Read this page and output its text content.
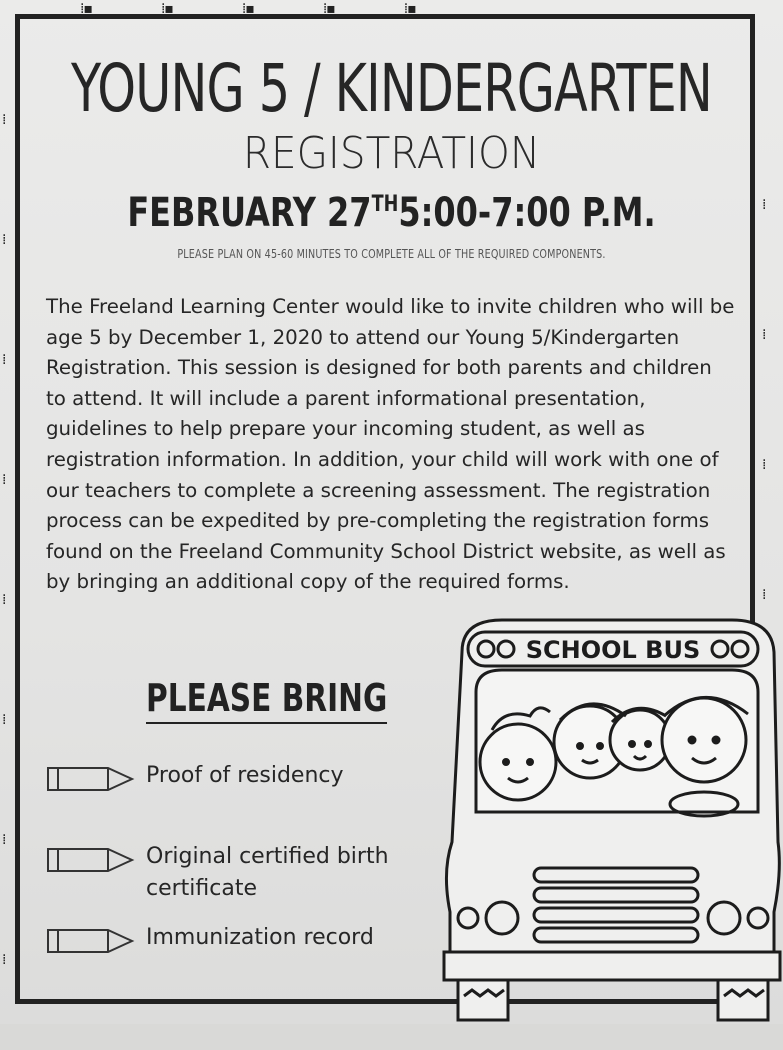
⁞▪                    ⁞▪                    ⁞▪                    ⁞▪                    ⁞▪
⁞
⁞
⁞
⁞
⁞
⁞
⁞
⁞
⁞
⁞
⁞
⁞

YOUNG 5 / KINDERGARTEN
REGISTRATION
FEBRUARY 27TH5:00-7:00 P.M.
PLEASE PLAN ON 45-60 MINUTES TO COMPLETE ALL OF THE REQUIRED COMPONENTS.

The Freeland Learning Center would like to invite children who will be age 5 by December 1, 2020 to attend our Young 5/Kindergarten Registration. This session is designed for both parents and children to attend. It will include a parent informational presentation, guidelines to help prepare your incoming student, as well as registration information. In addition, your child will work with one of our teachers to complete a screening assessment. The registration process can be expedited by pre-completing the registration forms found on the Freeland Community School District website, as well as by bringing an additional copy of the required forms.

PLEASE BRING
Proof of residency
Original certified birth certificate
Immunization record
SCHOOL BUS
